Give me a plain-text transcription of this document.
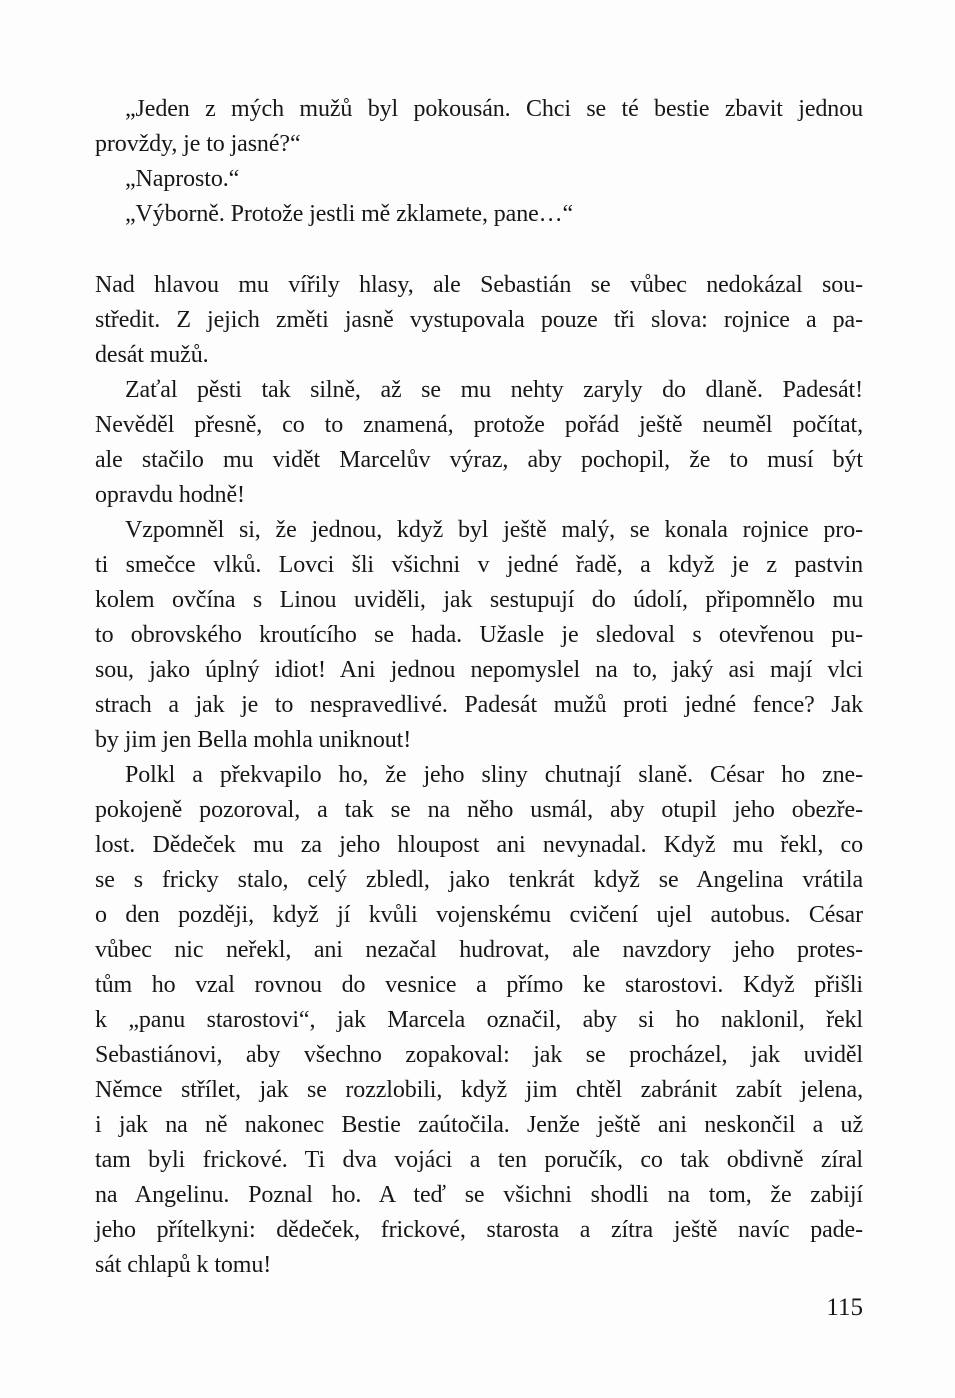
„Jeden z mých mužů byl pokousán. Chci se té bestie zbavit jednou
provždy, je to jasné?“
„Naprosto.“
„Výborně. Protože jestli mě zklamete, pane…“
Nad hlavou mu vířily hlasy, ale Sebastián se vůbec nedokázal sou-
středit. Z jejich změti jasně vystupovala pouze tři slova: rojnice a pa-
desát mužů.
Zaťal pěsti tak silně, až se mu nehty zaryly do dlaně. Padesát!
Nevěděl přesně, co to znamená, protože pořád ještě neuměl počítat,
ale stačilo mu vidět Marcelův výraz, aby pochopil, že to musí být
opravdu hodně!
Vzpomněl si, že jednou, když byl ještě malý, se konala rojnice pro-
ti smečce vlků. Lovci šli všichni v jedné řadě, a když je z pastvin
kolem ovčína s Linou uviděli, jak sestupují do údolí, připomnělo mu
to obrovského kroutícího se hada. Užasle je sledoval s otevřenou pu-
sou, jako úplný idiot! Ani jednou nepomyslel na to, jaký asi mají vlci
strach a jak je to nespravedlivé. Padesát mužů proti jedné fence? Jak
by jim jen Bella mohla uniknout!
Polkl a překvapilo ho, že jeho sliny chutnají slaně. César ho zne-
pokojeně pozoroval, a tak se na něho usmál, aby otupil jeho obezře-
lost. Dědeček mu za jeho hloupost ani nevynadal. Když mu řekl, co
se s fricky stalo, celý zbledl, jako tenkrát když se Angelina vrátila
o den později, když jí kvůli vojenskému cvičení ujel autobus. César
vůbec nic neřekl, ani nezačal hudrovat, ale navzdory jeho protes-
tům ho vzal rovnou do vesnice a přímo ke starostovi. Když přišli
k „panu starostovi“, jak Marcela označil, aby si ho naklonil, řekl
Sebastiánovi, aby všechno zopakoval: jak se procházel, jak uviděl
Němce střílet, jak se rozzlobili, když jim chtěl zabránit zabít jelena,
i jak na ně nakonec Bestie zaútočila. Jenže ještě ani neskončil a už
tam byli frickové. Ti dva vojáci a ten poručík, co tak obdivně zíral
na Angelinu. Poznal ho. A teď se všichni shodli na tom, že zabijí
jeho přítelkyni: dědeček, frickové, starosta a zítra ještě navíc pade-
sát chlapů k tomu!
115
